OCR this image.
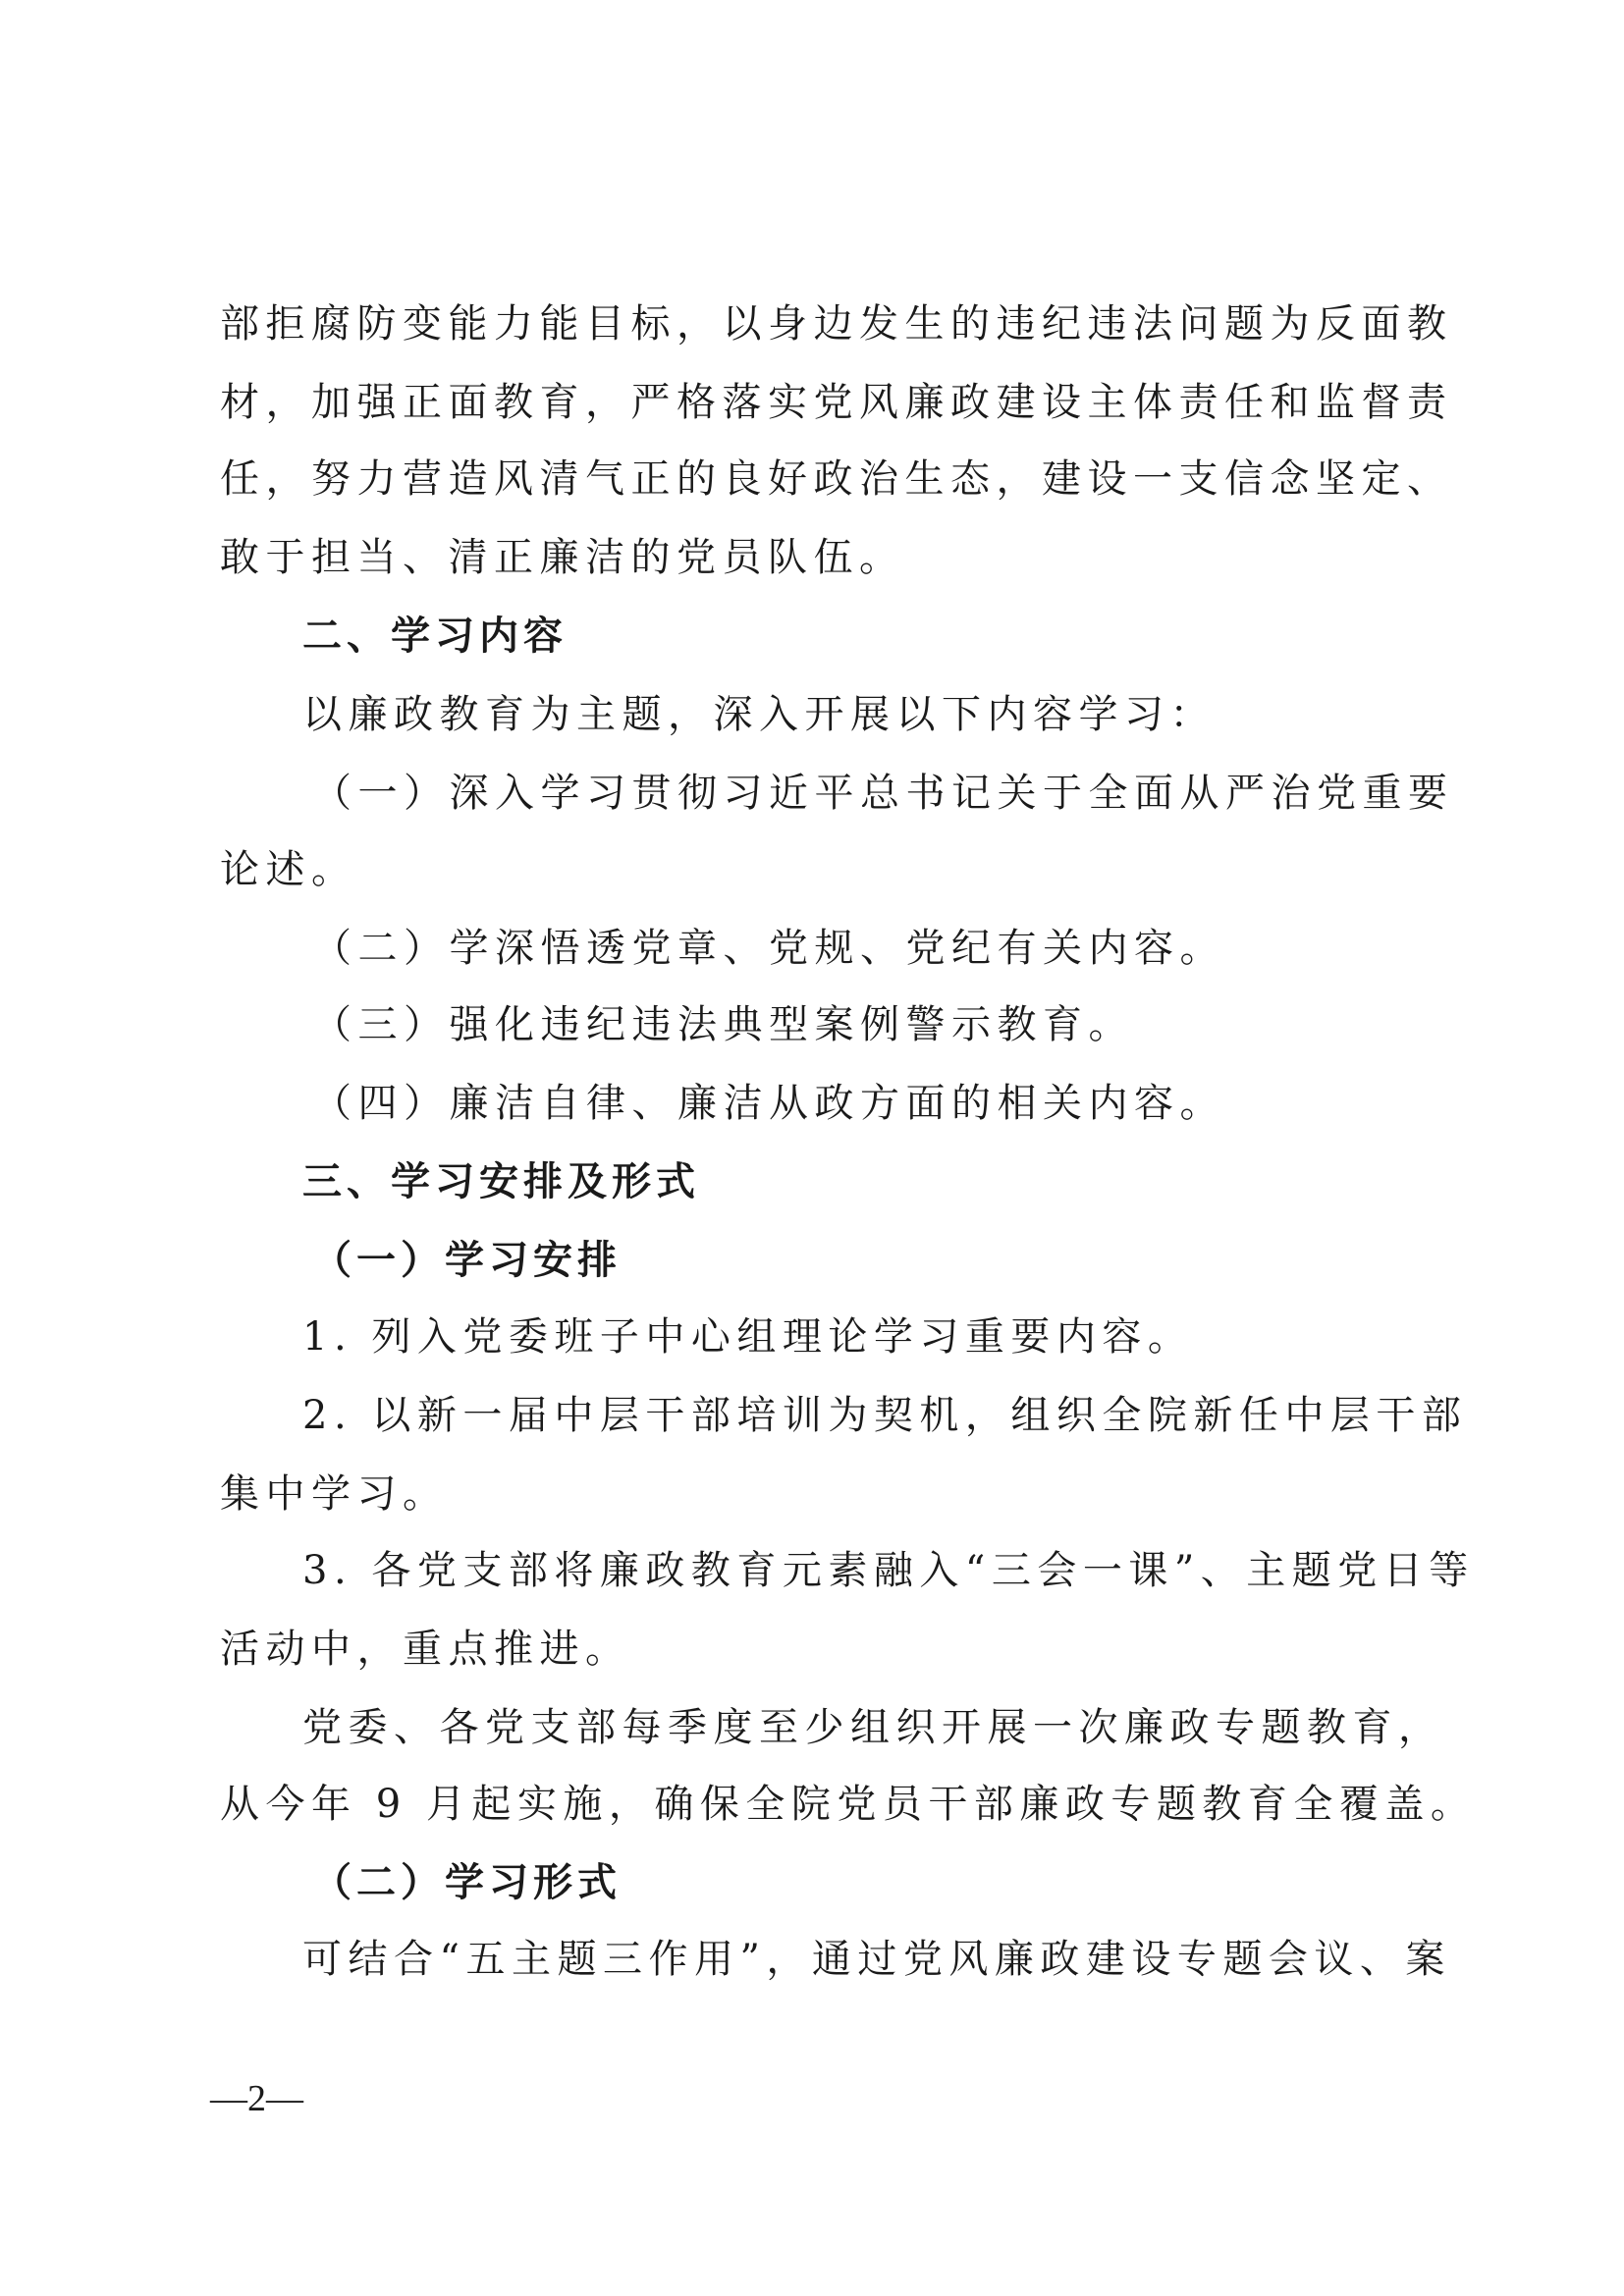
部拒腐防变能力能目标，以身边发生的违纪违法问题为反面教
材，加强正面教育，严格落实党风廉政建设主体责任和监督责
任，努力营造风清气正的良好政治生态，建设一支信念坚定、
敢于担当、清正廉洁的党员队伍。
二、学习内容
以廉政教育为主题，深入开展以下内容学习：
（一）深入学习贯彻习近平总书记关于全面从严治党重要
论述。
（二）学深悟透党章、党规、党纪有关内容。
（三）强化违纪违法典型案例警示教育。
（四）廉洁自律、廉洁从政方面的相关内容。
三、学习安排及形式
（一）学习安排
1. 列入党委班子中心组理论学习重要内容。
2. 以新一届中层干部培训为契机，组织全院新任中层干部
集中学习。
3. 各党支部将廉政教育元素融入“三会一课”、主题党日等
活动中，重点推进。
党委、各党支部每季度至少组织开展一次廉政专题教育，
从今年 9 月起实施，确保全院党员干部廉政专题教育全覆盖。
（二）学习形式
可结合“五主题三作用”，通过党风廉政建设专题会议、案
—2—
